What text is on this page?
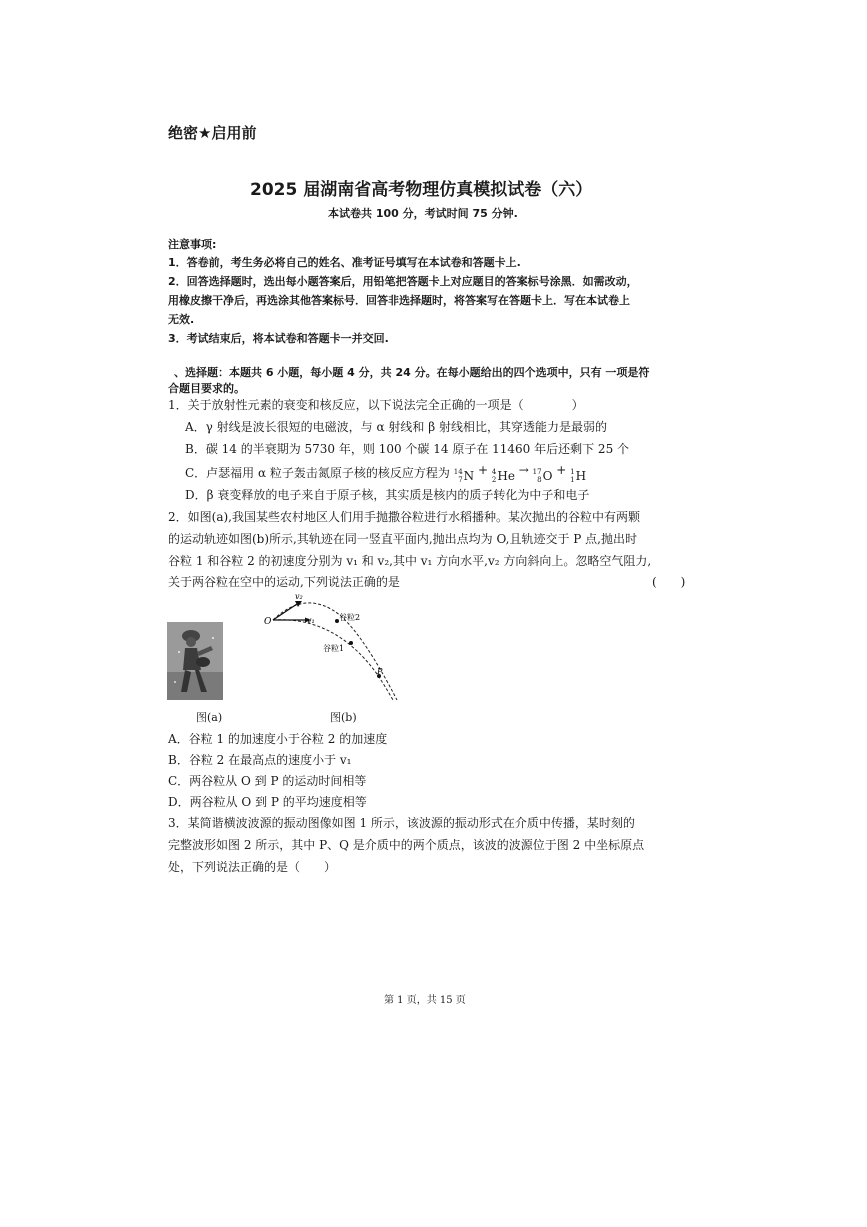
绝密★启用前
2025 届湖南省高考物理仿真模拟试卷（六）
本试卷共 100 分，考试时间 75 分钟.
注意事项:
1．答卷前，考生务必将自己的姓名、准考证号填写在本试卷和答题卡上.
2．回答选择题时，选出每小题答案后，用铅笔把答题卡上对应题目的答案标号涂黑．如需改动，
用橡皮擦干净后，再选涂其他答案标号．回答非选择题时，将答案写在答题卡上．写在本试卷上
无效.
3．考试结束后，将本试卷和答题卡一并交回.
、选择题：本题共 6 小题，每小题 4 分，共 24 分。在每小题给出的四个选项中，只有 一项是符
合题目要求的。
1．关于放射性元素的衰变和核反应，以下说法完全正确的一项是（　　　　）
A．γ 射线是波长很短的电磁波，与 α 射线和 β 射线相比，其穿透能力是最弱的
B．碳 14 的半衰期为 5730 年，则 100 个碳 14 原子在 11460 年后还剩下 25 个
C．卢瑟福用 α 粒子轰击氮原子核的核反应方程为 14
7 N + 4
2 He → 17
8 O + 1
1 H
D．β 衰变释放的电子来自于原子核，其实质是核内的质子转化为中子和电子
2．如图(a),我国某些农村地区人们用手抛撒谷粒进行水稻播种。某次抛出的谷粒中有两颗
的运动轨迹如图(b)所示,其轨迹在同一竖直平面内,抛出点均为 O,且轨迹交于 P 点,抛出时
谷粒 1 和谷粒 2 的初速度分别为 v₁ 和 v₂,其中 v₁ 方向水平,v₂ 方向斜向上。忽略空气阻力,
关于两谷粒在空中的运动,下列说法正确的是	(　　)
图(a)
O
v₂
v₁	谷粒2
谷粒1
P
图(b)
A．谷粒 1 的加速度小于谷粒 2 的加速度
B．谷粒 2 在最高点的速度小于 v₁
C．两谷粒从 O 到 P 的运动时间相等
D．两谷粒从 O 到 P 的平均速度相等
3．某简谐横波波源的振动图像如图 1 所示，该波源的振动形式在介质中传播，某时刻的
完整波形如图 2 所示，其中 P、Q 是介质中的两个质点，该波的波源位于图 2 中坐标原点
处，下列说法正确的是（　　）
第 1 页，共 15 页
